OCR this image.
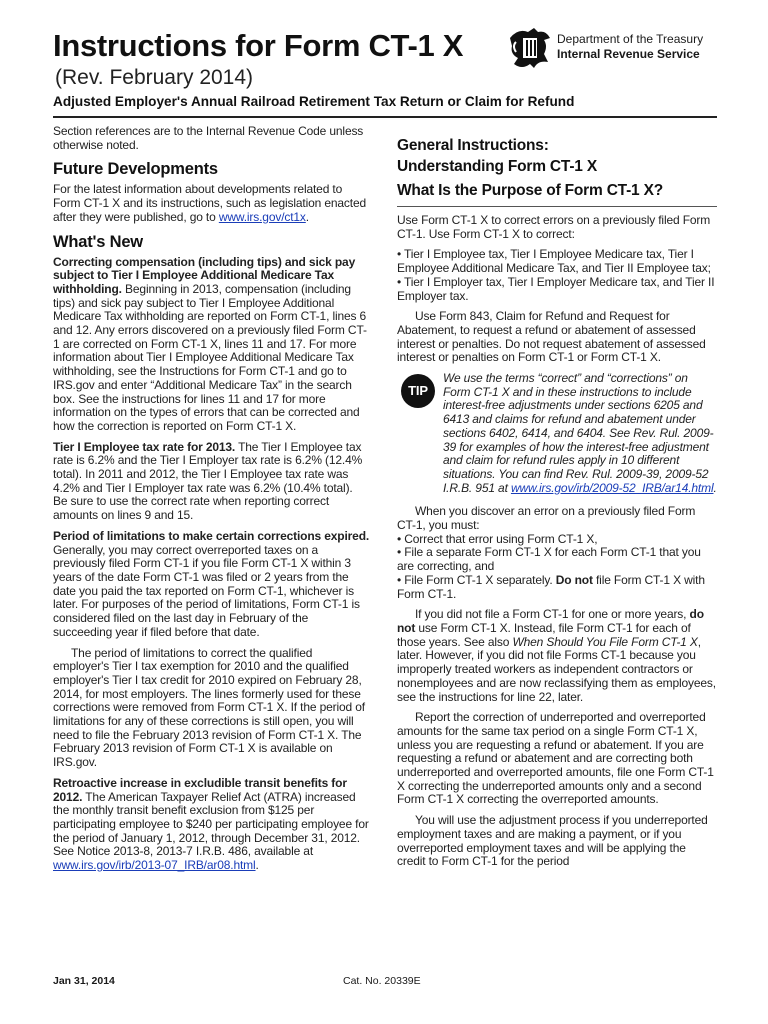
Instructions for Form CT-1 X
(Rev. February 2014)
Adjusted Employer's Annual Railroad Retirement Tax Return or Claim for Refund
Department of the Treasury
Internal Revenue Service

Section references are to the Internal Revenue Code unless otherwise noted.

Future Developments

For the latest information about developments related to Form CT-1 X and its instructions, such as legislation enacted after they were published, go to www.irs.gov/ct1x.

What's New

Correcting compensation (including tips) and sick pay subject to Tier I Employee Additional Medicare Tax withholding. Beginning in 2013, compensation (including tips) and sick pay subject to Tier I Employee Additional Medicare Tax withholding are reported on Form CT-1, lines 6 and 12. Any errors discovered on a previously filed Form CT-1 are corrected on Form CT-1 X, lines 11 and 17. For more information about Tier I Employee Additional Medicare Tax withholding, see the Instructions for Form CT-1 and go to IRS.gov and enter “Additional Medicare Tax” in the search box. See the instructions for lines 11 and 17 for more information on the types of errors that can be corrected and how the correction is reported on Form CT-1 X.

Tier I Employee tax rate for 2013. The Tier I Employee tax rate is 6.2% and the Tier I Employer tax rate is 6.2% (12.4% total). In 2011 and 2012, the Tier I Employee tax rate was 4.2% and Tier I Employer tax rate was 6.2% (10.4% total). Be sure to use the correct rate when reporting correct amounts on lines 9 and 15.

Period of limitations to make certain corrections expired. Generally, you may correct overreported taxes on a previously filed Form CT-1 if you file Form CT-1 X within 3 years of the date Form CT-1 was filed or 2 years from the date you paid the tax reported on Form CT-1, whichever is later. For purposes of the period of limitations, Form CT-1 is considered filed on the last day in February of the succeeding year if filed before that date.

The period of limitations to correct the qualified employer's Tier I tax exemption for 2010 and the qualified employer's Tier I tax credit for 2010 expired on February 28, 2014, for most employers. The lines formerly used for these corrections were removed from Form CT-1 X. If the period of limitations for any of these corrections is still open, you will need to file the February 2013 revision of Form CT-1 X. The February 2013 revision of Form CT-1 X is available on IRS.gov.

Retroactive increase in excludible transit benefits for 2012. The American Taxpayer Relief Act (ATRA) increased the monthly transit benefit exclusion from $125 per participating employee to $240 per participating employee for the period of January 1, 2012, through December 31, 2012. See Notice 2013-8, 2013-7 I.R.B. 486, available at www.irs.gov/irb/2013-07_IRB/ar08.html.

General Instructions:
Understanding Form CT-1 X
What Is the Purpose of Form CT-1 X?

Use Form CT-1 X to correct errors on a previously filed Form CT-1. Use Form CT-1 X to correct:

• Tier I Employee tax, Tier I Employee Medicare tax, Tier I Employee Additional Medicare Tax, and Tier II Employee tax;
• Tier I Employer tax, Tier I Employer Medicare tax, and Tier II Employer tax.

Use Form 843, Claim for Refund and Request for Abatement, to request a refund or abatement of assessed interest or penalties. Do not request abatement of assessed interest or penalties on Form CT-1 or Form CT-1 X.

TIP
We use the terms “correct” and “corrections” on Form CT-1 X and in these instructions to include interest-free adjustments under sections 6205 and 6413 and claims for refund and abatement under sections 6402, 6414, and 6404. See Rev. Rul. 2009-39 for examples of how the interest-free adjustment and claim for refund rules apply in 10 different situations. You can find Rev. Rul. 2009-39, 2009-52 I.R.B. 951 at www.irs.gov/irb/2009-52_IRB/ar14.html.

When you discover an error on a previously filed Form CT-1, you must:

• Correct that error using Form CT-1 X,
• File a separate Form CT-1 X for each Form CT-1 that you are correcting, and
• File Form CT-1 X separately. Do not file Form CT-1 X with Form CT-1.

If you did not file a Form CT-1 for one or more years, do not use Form CT-1 X. Instead, file Form CT-1 for each of those years. See also When Should You File Form CT-1 X, later. However, if you did not file Forms CT-1 because you improperly treated workers as independent contractors or nonemployees and are now reclassifying them as employees, see the instructions for line 22, later.

Report the correction of underreported and overreported amounts for the same tax period on a single Form CT-1 X, unless you are requesting a refund or abatement. If you are requesting a refund or abatement and are correcting both underreported and overreported amounts, file one Form CT-1 X correcting the underreported amounts only and a second Form CT-1 X correcting the overreported amounts.

You will use the adjustment process if you underreported employment taxes and are making a payment, or if you overreported employment taxes and will be applying the credit to Form CT-1 for the period

Jan 31, 2014	Cat. No. 20339E
